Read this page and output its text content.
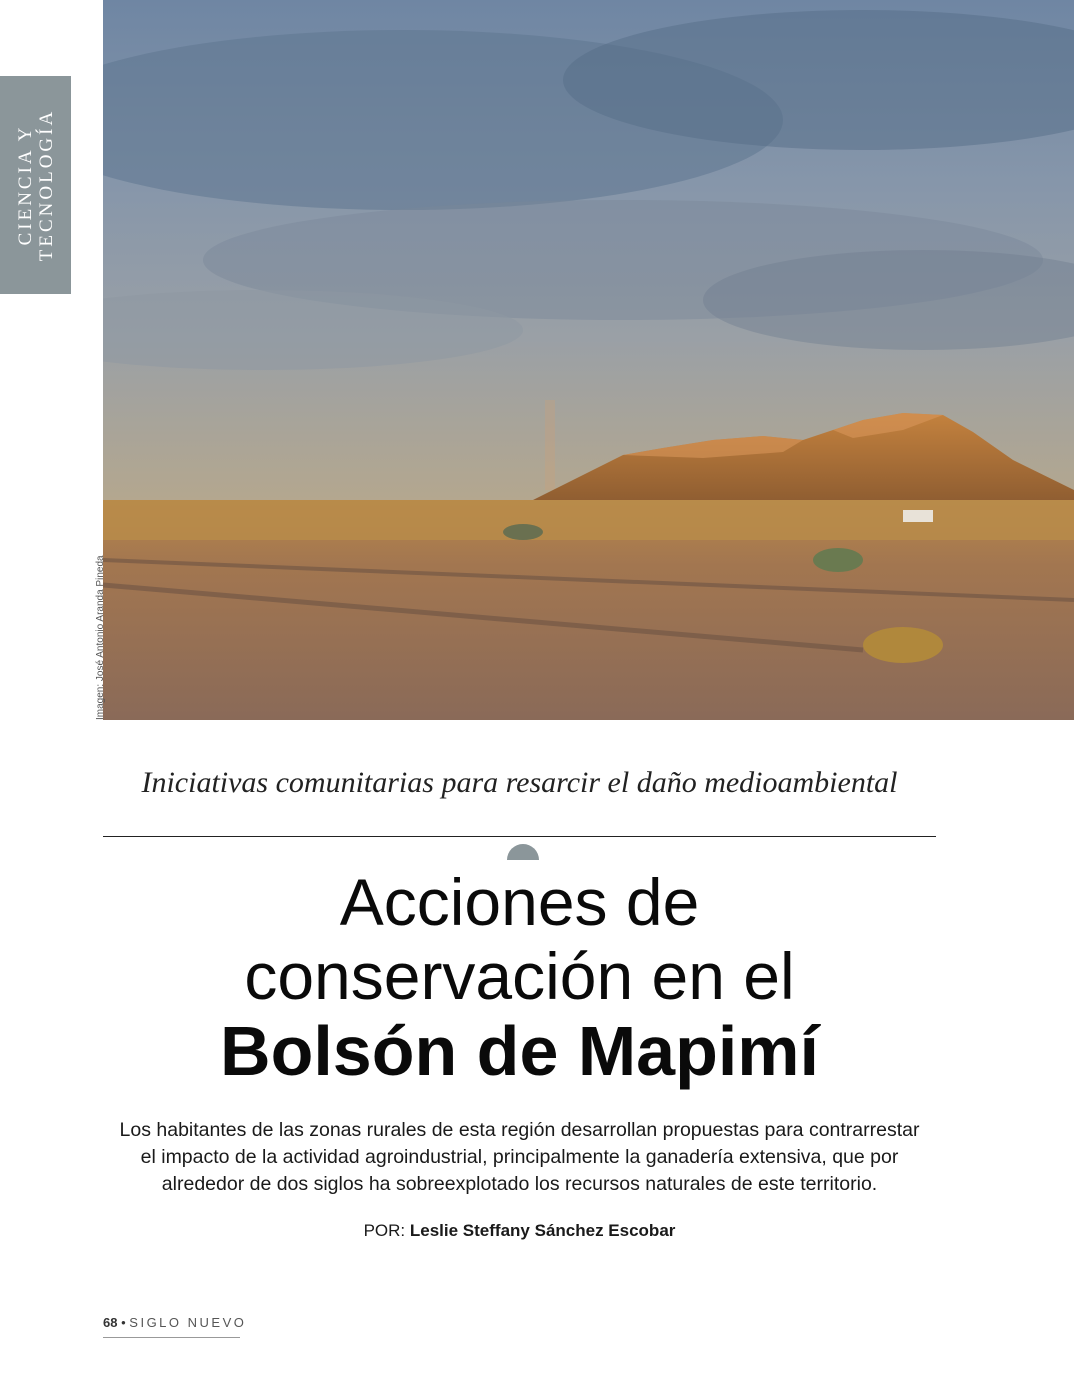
CIENCIA Y
TECNOLOGÍA
Imagen: José Antonio Aranda Pineda
Iniciativas comunitarias para resarcir el daño medioambiental
Acciones de
conservación en el
Bolsón de Mapimí
Los habitantes de las zonas rurales de esta región desarrollan propuestas para contrarrestar el impacto de la actividad agroindustrial, principalmente la ganadería extensiva, que por alrededor de dos siglos ha sobreexplotado los recursos naturales de este territorio.
POR: Leslie Steffany Sánchez Escobar
68 • SIGLO NUEVO
